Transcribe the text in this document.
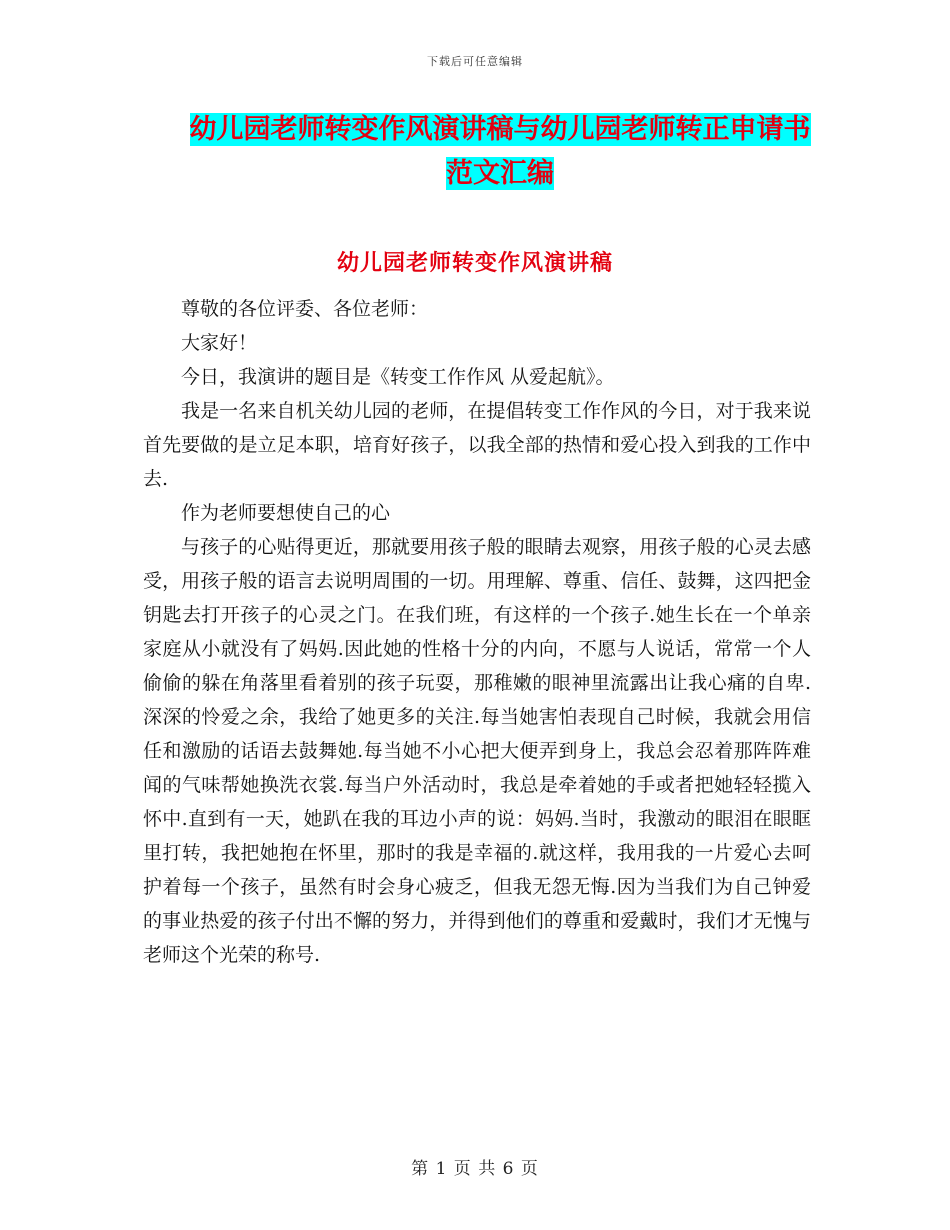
下载后可任意编辑
幼儿园老师转变作风演讲稿与幼儿园老师转正申请书
范文汇编
幼儿园老师转变作风演讲稿

尊敬的各位评委、各位老师：

大家好！

今日，我演讲的题目是《转变工作作风 从爱起航》。

我是一名来自机关幼儿园的老师，在提倡转变工作作风的今日，对于我来说首先要做的是立足本职，培育好孩子，以我全部的热情和爱心投入到我的工作中去.

作为老师要想使自己的心

与孩子的心贴得更近，那就要用孩子般的眼睛去观察，用孩子般的心灵去感受，用孩子般的语言去说明周围的一切。用理解、尊重、信任、鼓舞，这四把金钥匙去打开孩子的心灵之门。在我们班，有这样的一个孩子.她生长在一个单亲家庭从小就没有了妈妈.因此她的性格十分的内向，不愿与人说话，常常一个人偷偷的躲在角落里看着别的孩子玩耍，那稚嫩的眼神里流露出让我心痛的自卑.深深的怜爱之余，我给了她更多的关注.每当她害怕表现自己时候，我就会用信任和激励的话语去鼓舞她.每当她不小心把大便弄到身上，我总会忍着那阵阵难闻的气味帮她换洗衣裳.每当户外活动时，我总是牵着她的手或者把她轻轻揽入怀中.直到有一天，她趴在我的耳边小声的说：妈妈.当时，我激动的眼泪在眼眶里打转，我把她抱在怀里，那时的我是幸福的.就这样，我用我的一片爱心去呵护着每一个孩子，虽然有时会身心疲乏，但我无怨无悔.因为当我们为自己钟爱的事业热爱的孩子付出不懈的努力，并得到他们的尊重和爱戴时，我们才无愧与老师这个光荣的称号.

第 1 页 共 6 页
